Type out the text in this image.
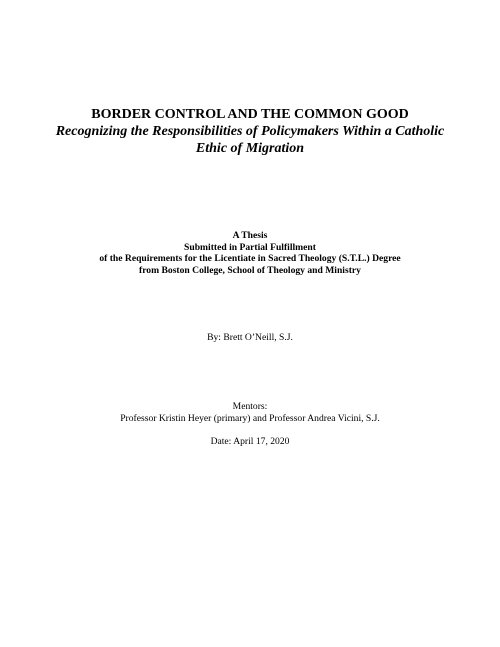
BORDER CONTROL AND THE COMMON GOOD
Recognizing the Responsibilities of Policymakers Within a Catholic
Ethic of Migration
A Thesis
Submitted in Partial Fulfillment
of the Requirements for the Licentiate in Sacred Theology (S.T.L.) Degree
from Boston College, School of Theology and Ministry
By: Brett O’Neill, S.J.
Mentors:
Professor Kristin Heyer (primary) and Professor Andrea Vicini, S.J.
Date: April 17, 2020
